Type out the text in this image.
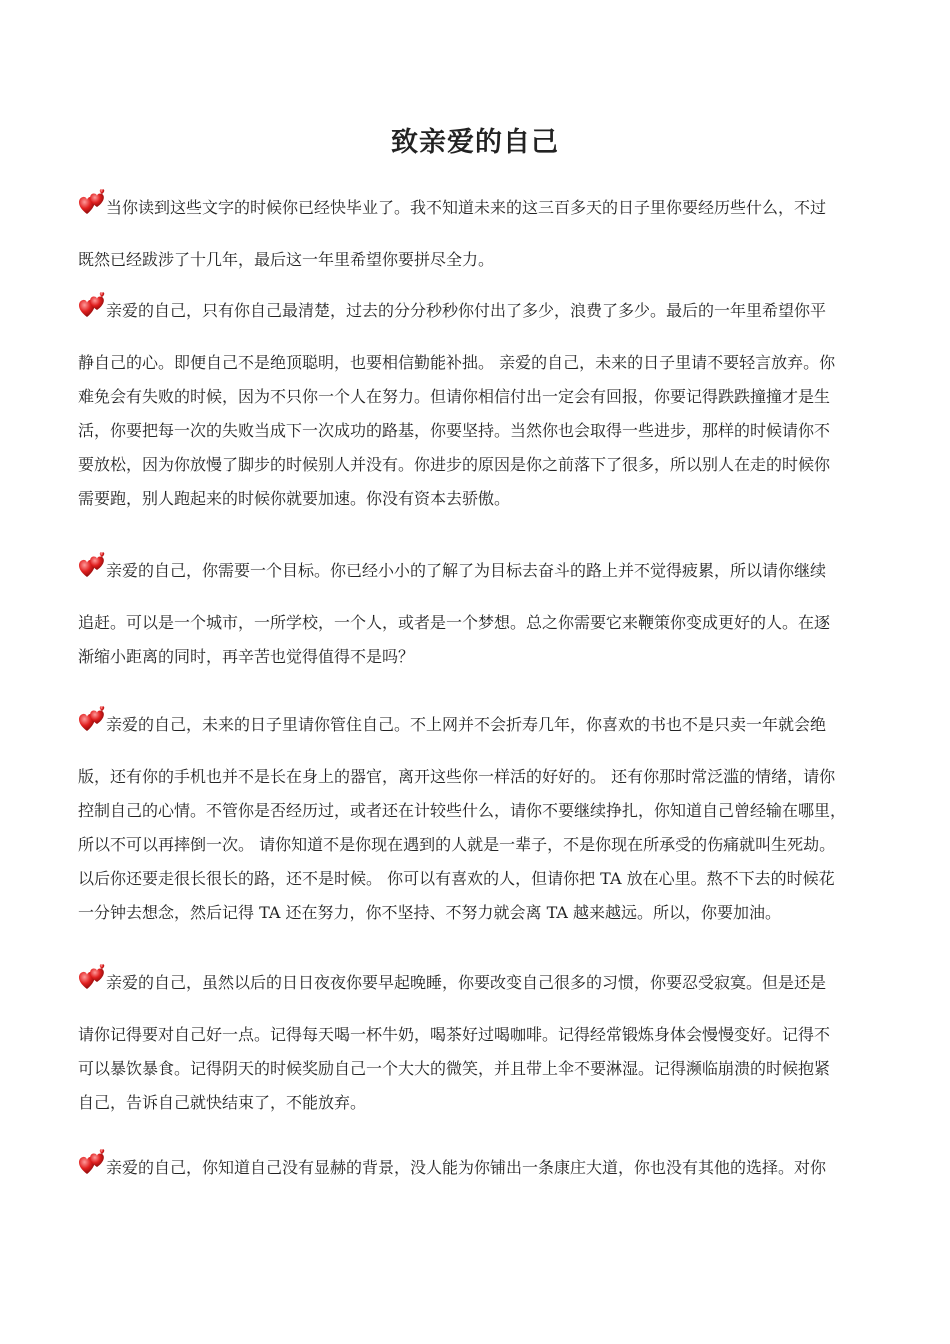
致亲爱的自己
当你读到这些文字的时候你已经快毕业了。我不知道未来的这三百多天的日子里你要经历些什么，不过
既然已经跋涉了十几年，最后这一年里希望你要拼尽全力。
亲爱的自己，只有你自己最清楚，过去的分分秒秒你付出了多少，浪费了多少。最后的一年里希望你平
静自己的心。即便自己不是绝顶聪明，也要相信勤能补拙。 亲爱的自己，未来的日子里请不要轻言放弃。你
难免会有失败的时候，因为不只你一个人在努力。但请你相信付出一定会有回报，你要记得跌跌撞撞才是生
活，你要把每一次的失败当成下一次成功的路基，你要坚持。当然你也会取得一些进步，那样的时候请你不
要放松，因为你放慢了脚步的时候别人并没有。你进步的原因是你之前落下了很多，所以别人在走的时候你
需要跑，别人跑起来的时候你就要加速。你没有资本去骄傲。
亲爱的自己，你需要一个目标。你已经小小的了解了为目标去奋斗的路上并不觉得疲累，所以请你继续
追赶。可以是一个城市，一所学校，一个人，或者是一个梦想。总之你需要它来鞭策你变成更好的人。在逐
渐缩小距离的同时，再辛苦也觉得值得不是吗？
亲爱的自己，未来的日子里请你管住自己。不上网并不会折寿几年，你喜欢的书也不是只卖一年就会绝
版，还有你的手机也并不是长在身上的器官，离开这些你一样活的好好的。 还有你那时常泛滥的情绪，请你
控制自己的心情。不管你是否经历过，或者还在计较些什么，请你不要继续挣扎，你知道自己曾经输在哪里，
所以不可以再摔倒一次。 请你知道不是你现在遇到的人就是一辈子，不是你现在所承受的伤痛就叫生死劫。
以后你还要走很长很长的路，还不是时候。 你可以有喜欢的人，但请你把 TA 放在心里。熬不下去的时候花
一分钟去想念，然后记得 TA 还在努力，你不坚持、不努力就会离 TA 越来越远。所以，你要加油。
亲爱的自己，虽然以后的日日夜夜你要早起晚睡，你要改变自己很多的习惯，你要忍受寂寞。但是还是
请你记得要对自己好一点。记得每天喝一杯牛奶，喝茶好过喝咖啡。记得经常锻炼身体会慢慢变好。记得不
可以暴饮暴食。记得阴天的时候奖励自己一个大大的微笑，并且带上伞不要淋湿。记得濒临崩溃的时候抱紧
自己，告诉自己就快结束了，不能放弃。
亲爱的自己，你知道自己没有显赫的背景，没人能为你铺出一条康庄大道，你也没有其他的选择。对你
